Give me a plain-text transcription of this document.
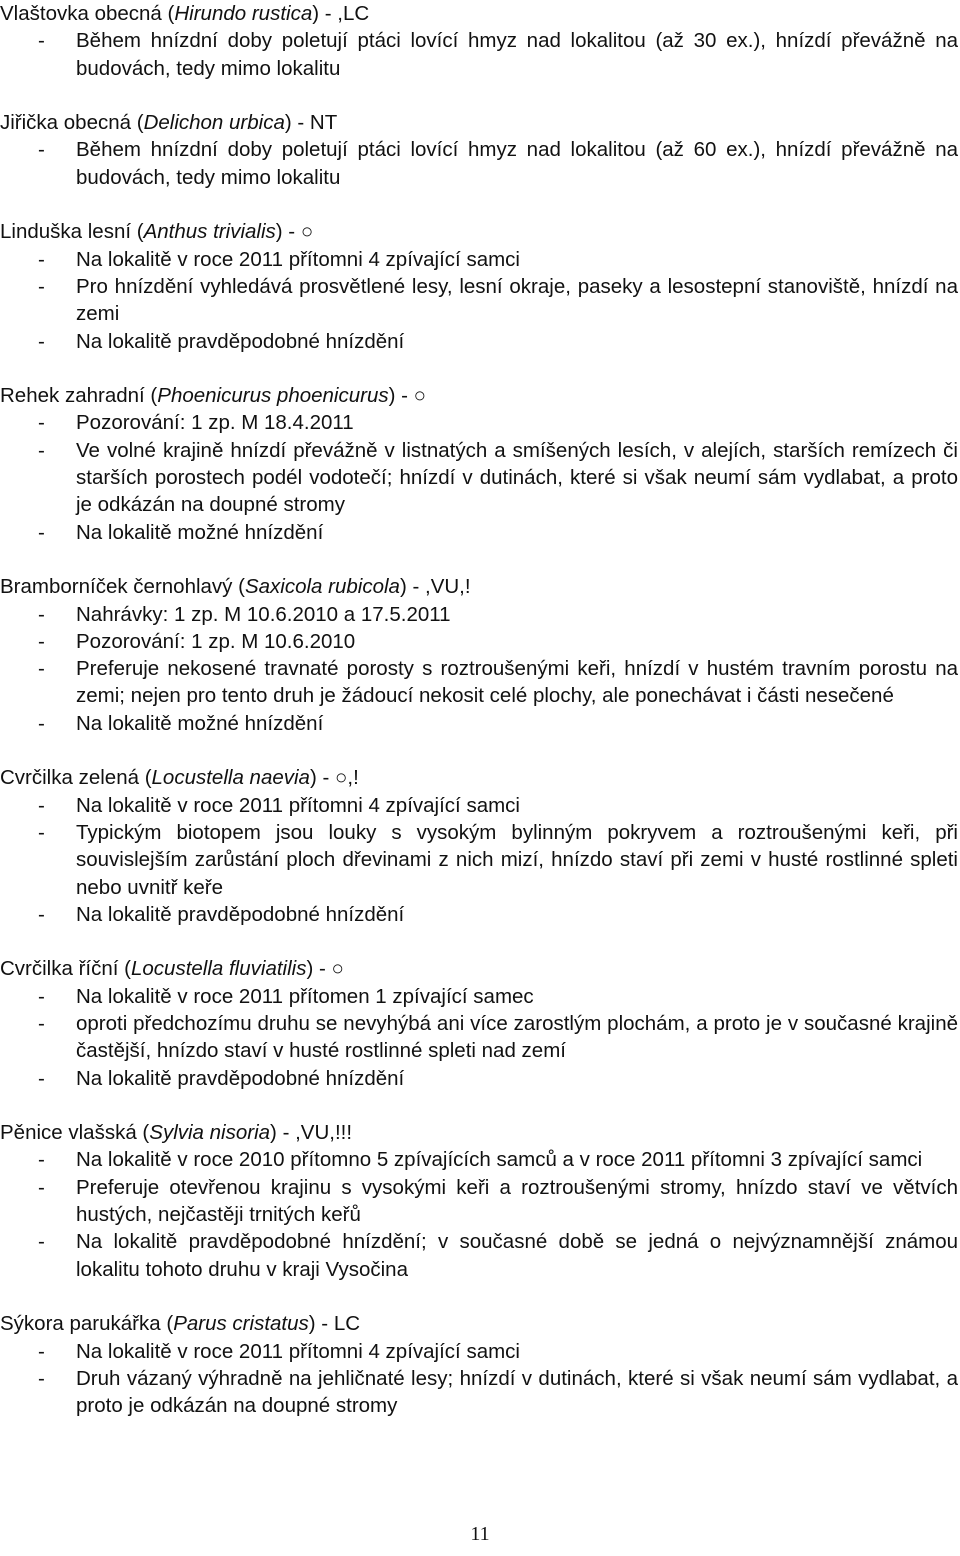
Vlaštovka obecná (Hirundo rustica) - ,LC
- Během hnízdní doby poletují ptáci lovící hmyz nad lokalitou (až 30 ex.), hnízdí převážně na budovách, tedy mimo lokalitu
Jiřička obecná (Delichon urbica) - NT
- Během hnízdní doby poletují ptáci lovící hmyz nad lokalitou (až 60 ex.), hnízdí převážně na budovách, tedy mimo lokalitu
Linduška lesní (Anthus trivialis) - ○
- Na lokalitě v roce 2011 přítomni 4 zpívající samci
- Pro hnízdění vyhledává prosvětlené lesy, lesní okraje, paseky a lesostepní stanoviště, hnízdí na zemi
- Na lokalitě pravděpodobné hnízdění
Rehek zahradní (Phoenicurus phoenicurus) - ○
- Pozorování: 1 zp. M 18.4.2011
- Ve volné krajině hnízdí převážně v listnatých a smíšených lesích, v alejích, starších remízech či starších porostech podél vodotečí; hnízdí v dutinách, které si však neumí sám vydlabat, a proto je odkázán na doupné stromy
- Na lokalitě možné hnízdění
Bramborníček černohlavý (Saxicola rubicola) - ,VU,!
- Nahrávky: 1 zp. M 10.6.2010 a 17.5.2011
- Pozorování: 1 zp. M 10.6.2010
- Preferuje nekosené travnaté porosty s roztroušenými keři, hnízdí v hustém travním porostu na zemi; nejen pro tento druh je žádoucí nekosit celé plochy, ale ponechávat i části nesečené
- Na lokalitě možné hnízdění
Cvrčilka zelená (Locustella naevia) - ○,!
- Na lokalitě v roce 2011 přítomni 4 zpívající samci
- Typickým biotopem jsou louky s vysokým bylinným pokryvem a roztroušenými keři, při souvislejším zarůstání ploch dřevinami z nich mizí, hnízdo staví při zemi v husté rostlinné spleti nebo uvnitř keře
- Na lokalitě pravděpodobné hnízdění
Cvrčilka říční (Locustella fluviatilis) - ○
- Na lokalitě v roce 2011 přítomen 1 zpívající samec
- oproti předchozímu druhu se nevyhýbá ani více zarostlým plochám, a proto je v současné krajině častější, hnízdo staví v husté rostlinné spleti nad zemí
- Na lokalitě pravděpodobné hnízdění
Pěnice vlašská (Sylvia nisoria) - ,VU,!!!
- Na lokalitě v roce 2010 přítomno 5 zpívajících samců a v roce 2011 přítomni 3 zpívající samci
- Preferuje otevřenou krajinu s vysokými keři a roztroušenými stromy, hnízdo staví ve větvích hustých, nejčastěji trnitých keřů
- Na lokalitě pravděpodobné hnízdění; v současné době se jedná o nejvýznamnější známou lokalitu tohoto druhu v kraji Vysočina
Sýkora parukářka (Parus cristatus) - LC
- Na lokalitě v roce 2011 přítomni 4 zpívající samci
- Druh vázaný výhradně na jehličnaté lesy; hnízdí v dutinách, které si však neumí sám vydlabat, a proto je odkázán na doupné stromy
11
